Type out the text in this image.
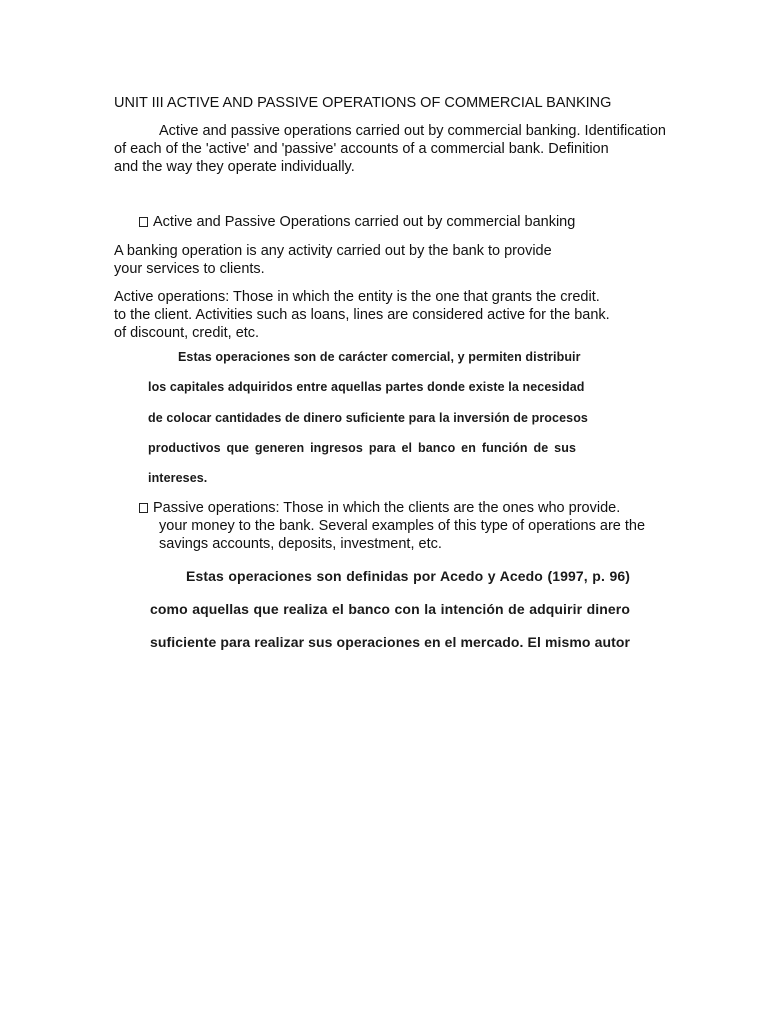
UNIT III ACTIVE AND PASSIVE OPERATIONS OF COMMERCIAL BANKING
Active and passive operations carried out by commercial banking. Identification
of each of the 'active' and 'passive' accounts of a commercial bank. Definition
and the way they operate individually.
Active and Passive Operations carried out by commercial banking
A banking operation is any activity carried out by the bank to provide
your services to clients.
Active operations: Those in which the entity is the one that grants the credit.
to the client. Activities such as loans, lines are considered active for the bank.
of discount, credit, etc.
Estas operaciones son de carácter comercial, y permiten distribuir
los capitales adquiridos entre aquellas partes donde existe la necesidad
de colocar cantidades de dinero suficiente para la inversión de procesos
productivos que generen ingresos para el banco en función de sus
intereses.
Passive operations: Those in which the clients are the ones who provide.
your money to the bank. Several examples of this type of operations are the
savings accounts, deposits, investment, etc.
Estas operaciones son definidas por Acedo y Acedo (1997, p. 96)
como aquellas que realiza el banco con la intención de adquirir dinero
suficiente para realizar sus operaciones en el mercado. El mismo autor
